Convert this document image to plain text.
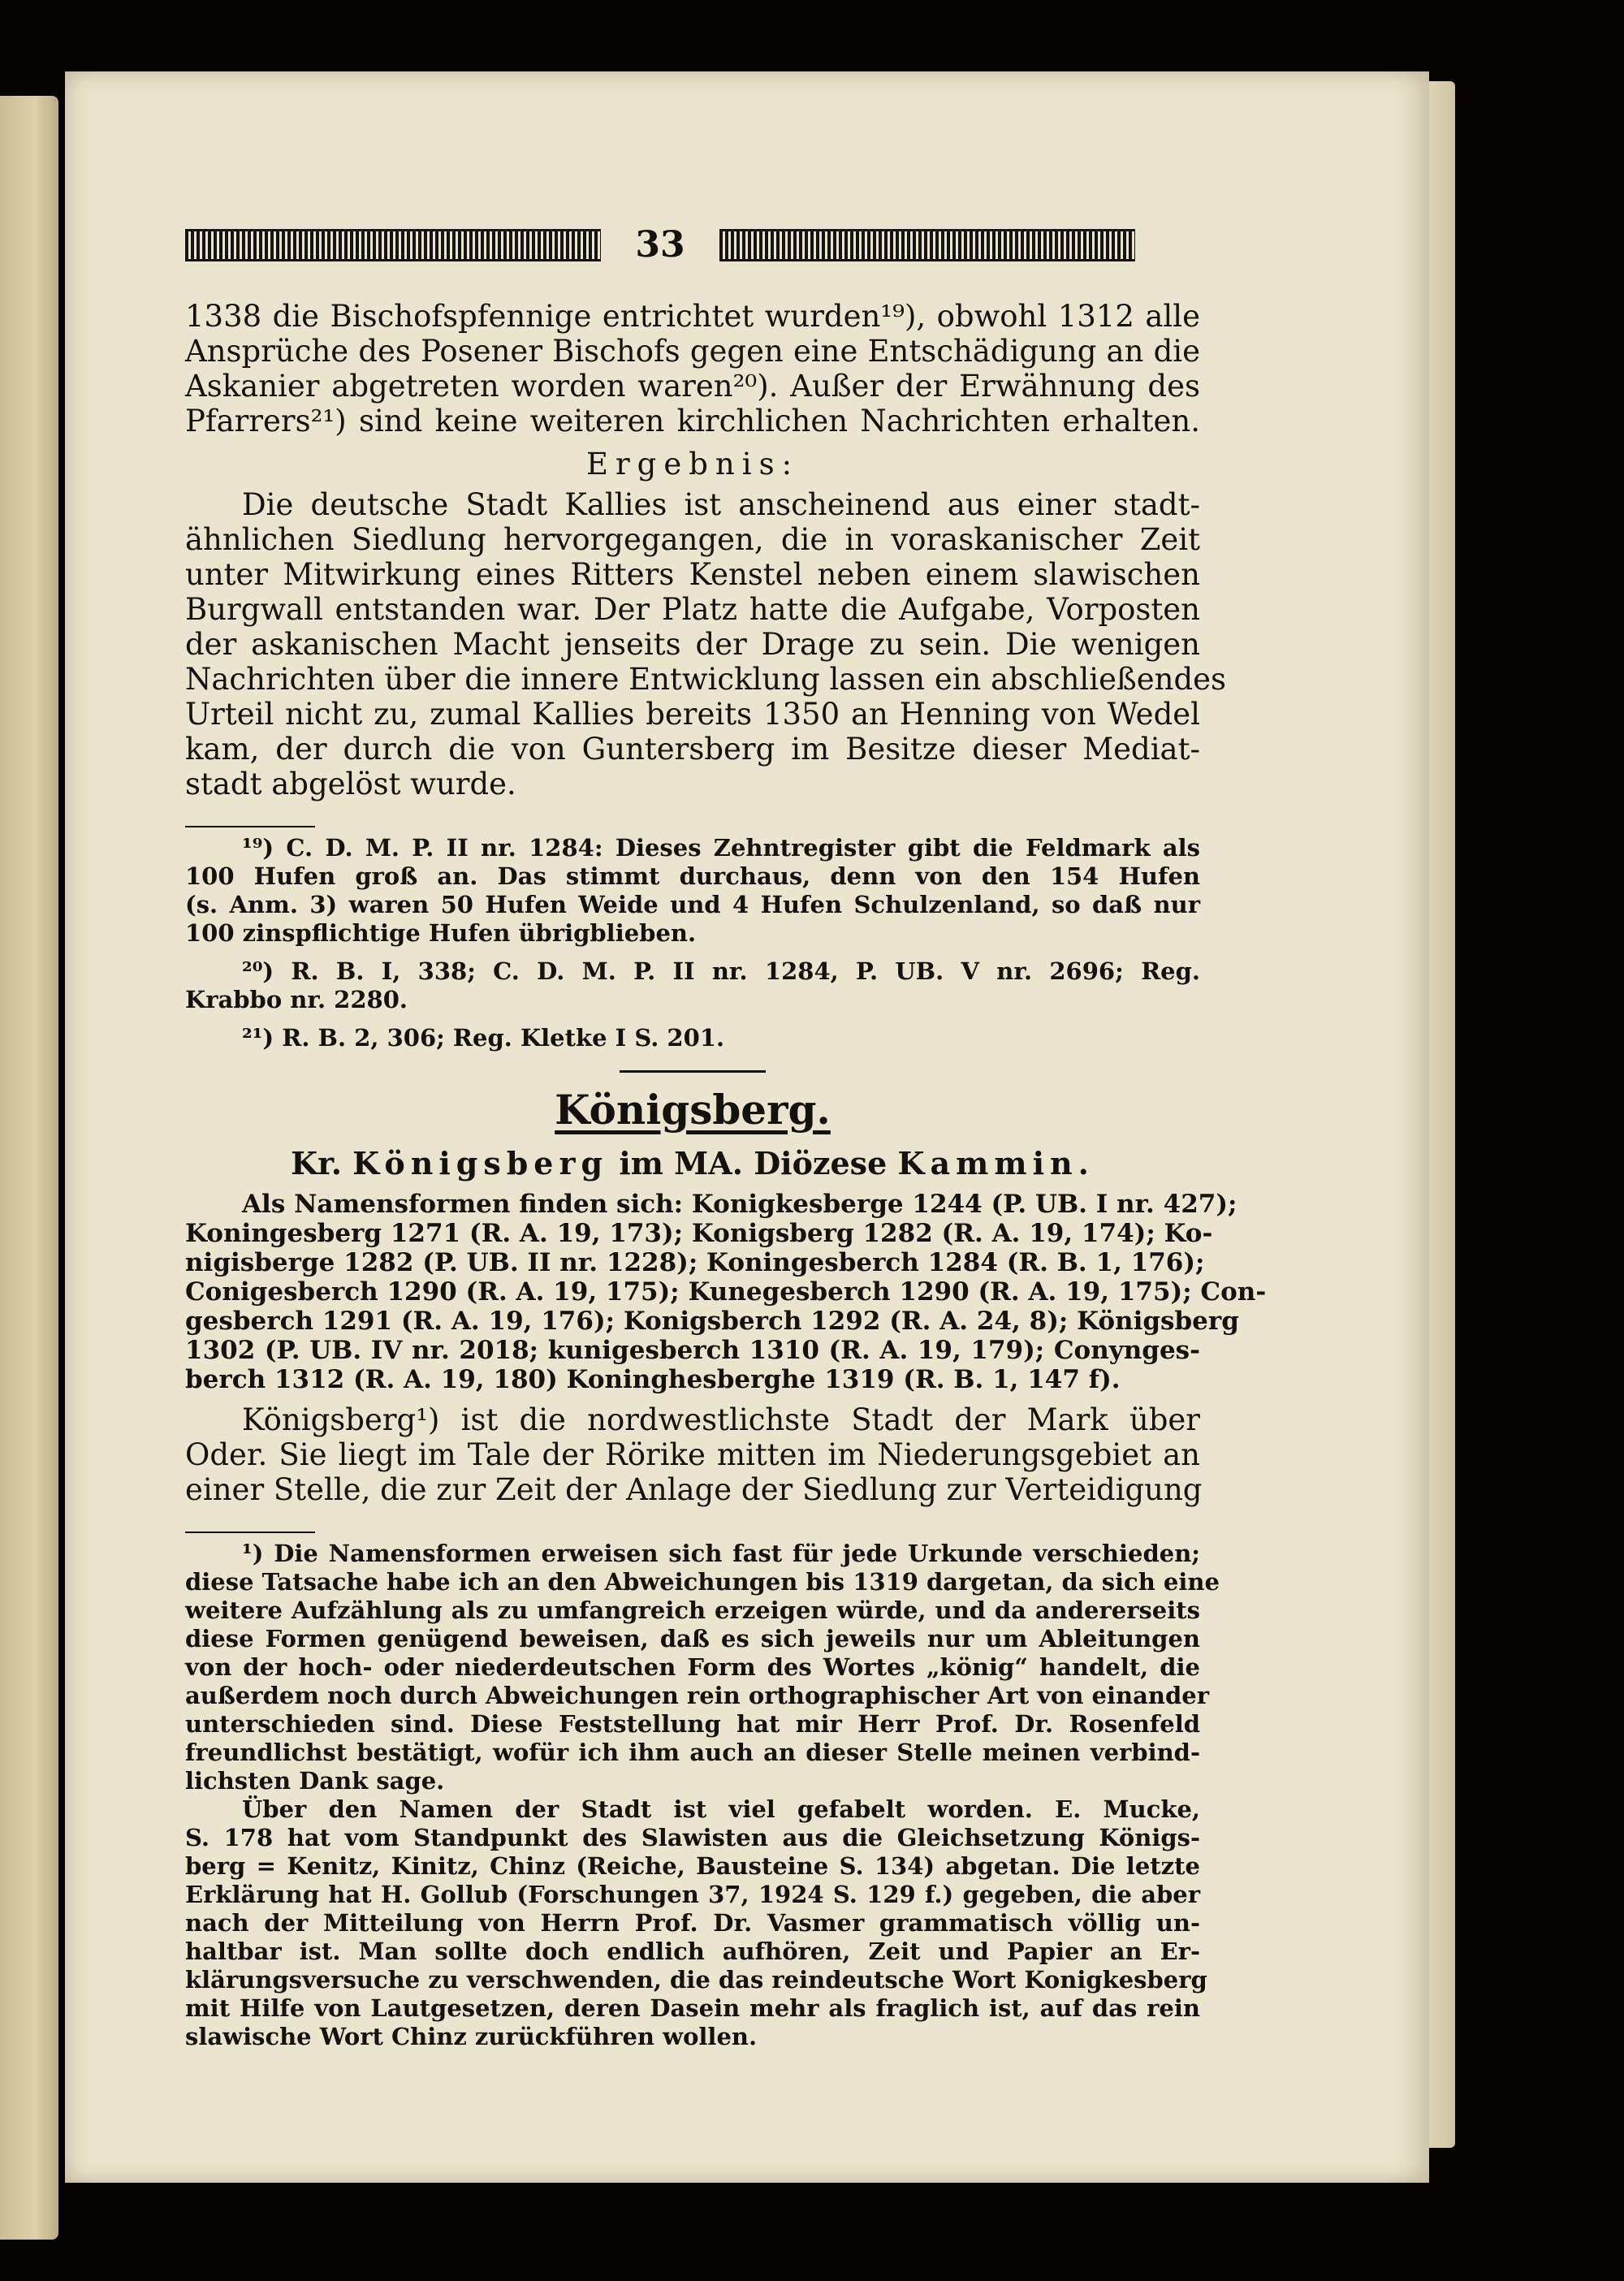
33
1338 die Bischofspfennige entrichtet wurden¹⁹), obwohl 1312 alle
Ansprüche des Posener Bischofs gegen eine Entschädigung an die
Askanier abgetreten worden waren²⁰). Außer der Erwähnung des
Pfarrers²¹) sind keine weiteren kirchlichen Nachrichten erhalten.
Ergebnis:
Die deutsche Stadt Kallies ist anscheinend aus einer stadt-
ähnlichen Siedlung hervorgegangen, die in voraskanischer Zeit
unter Mitwirkung eines Ritters Kenstel neben einem slawischen
Burgwall entstanden war. Der Platz hatte die Aufgabe, Vorposten
der askanischen Macht jenseits der Drage zu sein. Die wenigen
Nachrichten über die innere Entwicklung lassen ein abschließendes
Urteil nicht zu, zumal Kallies bereits 1350 an Henning von Wedel
kam, der durch die von Guntersberg im Besitze dieser Mediat-
stadt abgelöst wurde.
¹⁹) C. D. M. P. II nr. 1284: Dieses Zehntregister gibt die Feldmark als
100 Hufen groß an. Das stimmt durchaus, denn von den 154 Hufen
(s. Anm. 3) waren 50 Hufen Weide und 4 Hufen Schulzenland, so daß nur
100 zinspflichtige Hufen übrigblieben.
²⁰) R. B. I, 338; C. D. M. P. II nr. 1284, P. UB. V nr. 2696; Reg.
Krabbo nr. 2280.
²¹) R. B. 2, 306; Reg. Kletke I S. 201.
Königsberg.
Kr. Königsberg im MA. Diözese Kammin.
Als Namensformen finden sich: Konigkesberge 1244 (P. UB. I nr. 427);
Koningesberg 1271 (R. A. 19, 173); Konigsberg 1282 (R. A. 19, 174); Ko-
nigisberge 1282 (P. UB. II nr. 1228); Koningesberch 1284 (R. B. 1, 176);
Conigesberch 1290 (R. A. 19, 175); Kunegesberch 1290 (R. A. 19, 175); Con-
gesberch 1291 (R. A. 19, 176); Konigsberch 1292 (R. A. 24, 8); Königsberg
1302 (P. UB. IV nr. 2018; kunigesberch 1310 (R. A. 19, 179); Conynges-
berch 1312 (R. A. 19, 180) Koninghesberghe 1319 (R. B. 1, 147 f).
Königsberg¹) ist die nordwestlichste Stadt der Mark über
Oder. Sie liegt im Tale der Rörike mitten im Niederungsgebiet an
einer Stelle, die zur Zeit der Anlage der Siedlung zur Verteidigung
¹) Die Namensformen erweisen sich fast für jede Urkunde verschieden;
diese Tatsache habe ich an den Abweichungen bis 1319 dargetan, da sich eine
weitere Aufzählung als zu umfangreich erzeigen würde, und da andererseits
diese Formen genügend beweisen, daß es sich jeweils nur um Ableitungen
von der hoch- oder niederdeutschen Form des Wortes „könig“ handelt, die
außerdem noch durch Abweichungen rein orthographischer Art von einander
unterschieden sind. Diese Feststellung hat mir Herr Prof. Dr. Rosenfeld
freundlichst bestätigt, wofür ich ihm auch an dieser Stelle meinen verbind-
lichsten Dank sage.
Über den Namen der Stadt ist viel gefabelt worden. E. Mucke,
S. 178 hat vom Standpunkt des Slawisten aus die Gleichsetzung Königs-
berg = Kenitz, Kinitz, Chinz (Reiche, Bausteine S. 134) abgetan. Die letzte
Erklärung hat H. Gollub (Forschungen 37, 1924 S. 129 f.) gegeben, die aber
nach der Mitteilung von Herrn Prof. Dr. Vasmer grammatisch völlig un-
haltbar ist. Man sollte doch endlich aufhören, Zeit und Papier an Er-
klärungsversuche zu verschwenden, die das reindeutsche Wort Konigkesberg
mit Hilfe von Lautgesetzen, deren Dasein mehr als fraglich ist, auf das rein
slawische Wort Chinz zurückführen wollen.
